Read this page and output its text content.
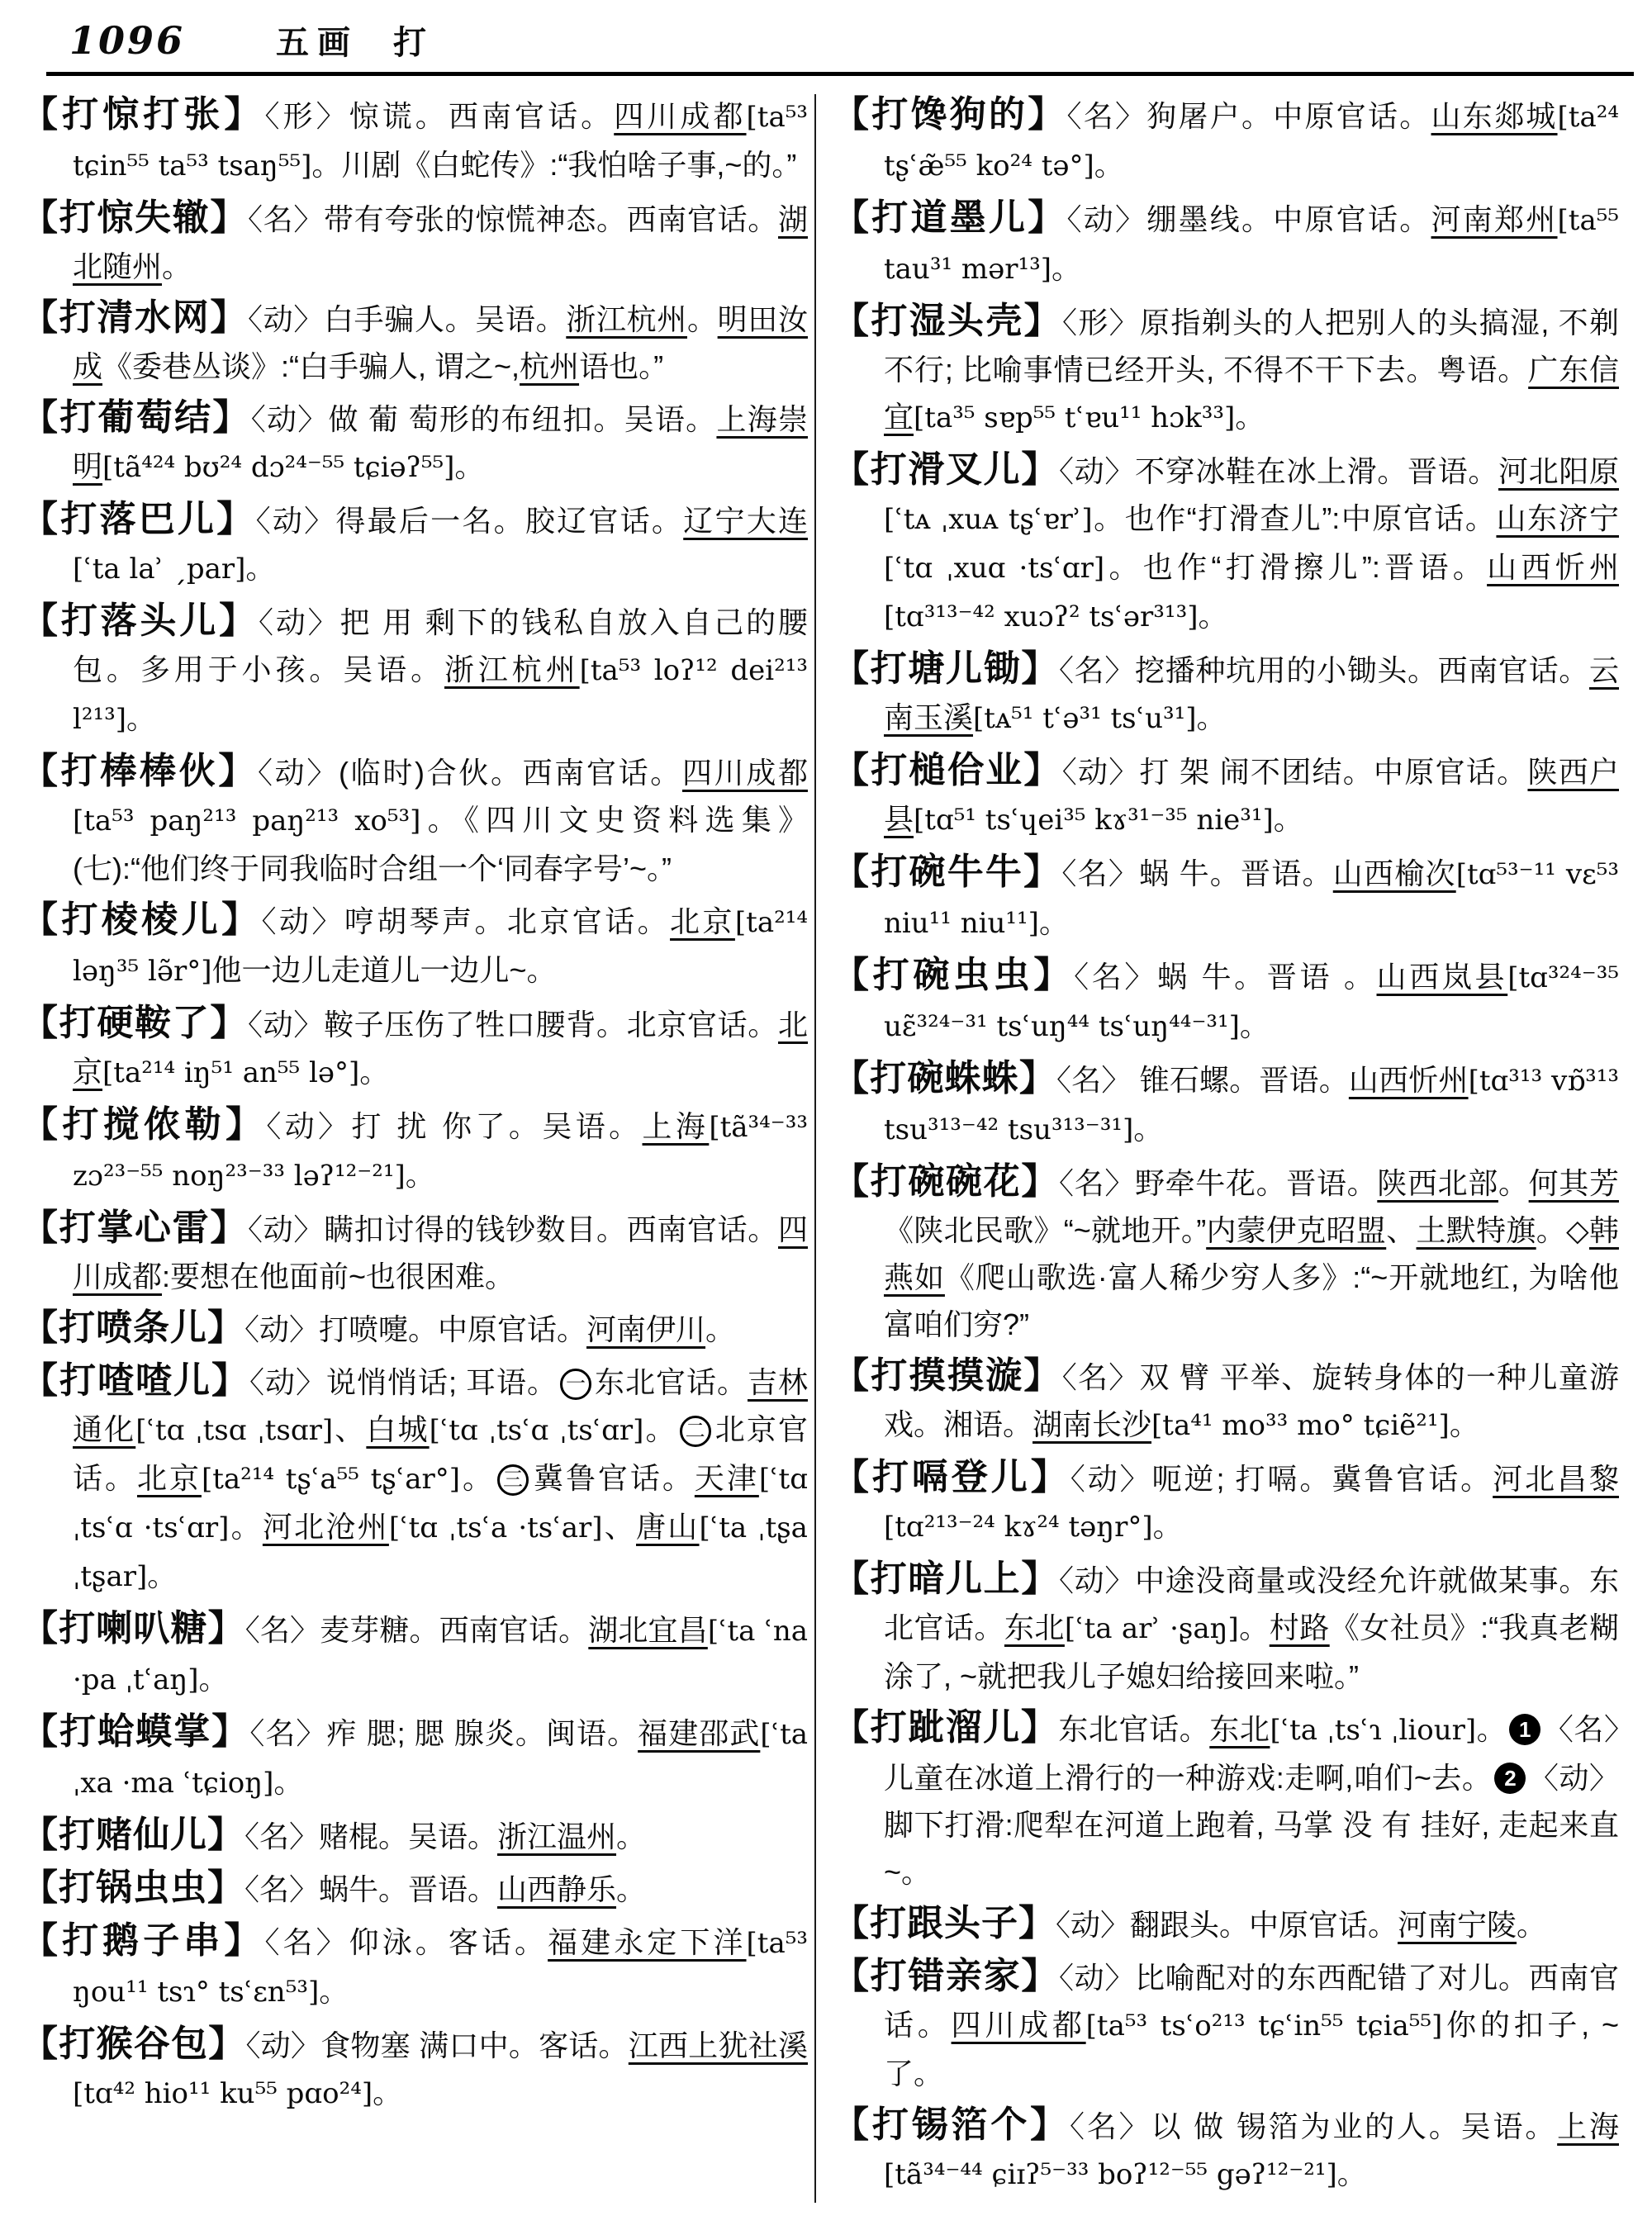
1096	五画 打

【打惊打张】〈形〉惊谎。西南官话。四川成都[ta⁵³ tɕin⁵⁵ ta⁵³ tsaŋ⁵⁵]。川剧《白蛇传》:“我怕啥子事,~的。”

【打惊失辙】〈名〉带有夸张的惊慌神态。西南官话。湖北随州。

【打清水网】〈动〉白手骗人。吴语。浙江杭州。明田汝成《委巷丛谈》:“白手骗人, 谓之~,杭州语也。”

【打葡萄结】〈动〉做 葡 萄形的布纽扣。吴语。上海崇明[tã⁴²⁴ bʊ²⁴ dɔ²⁴⁻⁵⁵ tɕiəʔ⁵⁵]。

【打落巴儿】〈动〉得最后一名。胶辽官话。辽宁大连[ʿta laʾ ˏpar]。

【打落头儿】〈动〉把 用 剩下的钱私自放入自己的腰包。多用于小孩。吴语。浙江杭州[ta⁵³ loʔ¹² dei²¹³ l²¹³]。

【打棒棒伙】〈动〉(临时)合伙。西南官话。四川成都[ta⁵³ paŋ²¹³ paŋ²¹³ xo⁵³]。《四川文史资料选集》(七):“他们终于同我临时合组一个‘同春字号’~。”

【打棱棱儿】〈动〉哼胡琴声。北京官话。北京[ta²¹⁴ ləŋ³⁵ lə̃r°]他一边儿走道儿一边儿~。

【打硬鞍了】〈动〉鞍子压伤了牲口腰背。北京官话。北京[ta²¹⁴ iŋ⁵¹ an⁵⁵ lə°]。

【打搅侬勒】〈动〉打 扰 你了。吴语。上海[tã³⁴⁻³³ zɔ²³⁻⁵⁵ noŋ²³⁻³³ ləʔ¹²⁻²¹]。

【打掌心雷】〈动〉瞒扣讨得的钱钞数目。西南官话。四川成都:要想在他面前~也很困难。

【打喷条儿】〈动〉打喷嚏。中原官话。河南伊川。

【打喳喳儿】〈动〉说悄悄话; 耳语。 一 东北官话。吉林通化[ʿtɑ ˌtsɑ ˌtsɑr]、白城[ʿtɑ ˌtsʿɑ ˌtsʿɑr]。 二 北京官话。北京[ta²¹⁴ tʂʿa⁵⁵ tʂʿar°]。 三 冀鲁官话。天津[ʿtɑ ˌtsʿɑ ·tsʿɑr]。河北沧州[ʿtɑ ˌtsʿa ·tsʿar]、唐山[ʿta ˌtʂa ˌtʂar]。

【打喇叭糖】〈名〉麦芽糖。西南官话。湖北宜昌[ʿta ʿna ·pa ˌtʿaŋ]。

【打蛤蟆掌】〈名〉痄 腮; 腮 腺炎。闽语。福建邵武[ʿta ˌxa ·ma ʿtɕioŋ]。

【打赌仙儿】〈名〉赌棍。吴语。浙江温州。

【打锅虫虫】〈名〉蜗牛。晋语。山西静乐。

【打鹅子串】〈名〉仰泳。客话。福建永定下洋[ta⁵³ ŋou¹¹ tsɿ° tsʿɛn⁵³]。

【打猴谷包】〈动〉食物塞 满口中。客话。江西上犹社溪[tɑ⁴² hio¹¹ ku⁵⁵ pɑo²⁴]。

【打馋狗的】〈名〉狗屠户。中原官话。山东郯城[ta²⁴ tʂʿæ̃⁵⁵ ko²⁴ tə°]。

【打道墨儿】〈动〉绷墨线。中原官话。河南郑州[ta⁵⁵ tau³¹ mər¹³]。

【打湿头壳】〈形〉原指剃头的人把别人的头搞湿, 不剃不行; 比喻事情已经开头, 不得不干下去。粤语。广东信宜[ta³⁵ sɐp⁵⁵ tʿɐu¹¹ hɔk³³]。

【打滑叉儿】〈动〉不穿冰鞋在冰上滑。晋语。河北阳原[ʿtᴀ ˌxuᴀ tʂʿɐrʾ]。也作“打滑查儿”:中原官话。山东济宁[ʿtɑ ˌxuɑ ·tsʿɑr]。也作“打滑擦儿”:晋语。山西忻州[tɑ³¹³⁻⁴² xuɔʔ² tsʿər³¹³]。

【打塘儿锄】〈名〉挖播种坑用的小锄头。西南官话。云南玉溪[tᴀ⁵¹ tʿə³¹ tsʿu³¹]。

【打槌佮业】〈动〉打 架 闹不团结。中原官话。陕西户县[tɑ⁵¹ tsʿɥei³⁵ kɤ³¹⁻³⁵ nie³¹]。

【打碗牛牛】〈名〉蜗 牛。晋语。山西榆次[tɑ⁵³⁻¹¹ vɛ⁵³ niu¹¹ niu¹¹]。

【打碗虫虫】〈名〉蜗 牛。晋语 。山西岚县[tɑ³²⁴⁻³⁵ uɛ̃³²⁴⁻³¹ tsʿuŋ⁴⁴ tsʿuŋ⁴⁴⁻³¹]。

【打碗蛛蛛】〈名〉 锥石螺。晋语。山西忻州[tɑ³¹³ vɒ̃³¹³ tsu³¹³⁻⁴² tsu³¹³⁻³¹]。

【打碗碗花】〈名〉野牵牛花。晋语。陕西北部。何其芳《陕北民歌》“~就地开。”内蒙伊克昭盟、土默特旗。◇韩燕如《爬山歌选·富人稀少穷人多》:“~开就地红, 为啥他富咱们穷?”

【打摸摸漩】〈名〉双 臂 平举、旋转身体的一种儿童游戏。湘语。湖南长沙[ta⁴¹ mo³³ mo° tɕiẽ²¹]。

【打嗝登儿】〈动〉呃逆; 打嗝。冀鲁官话。河北昌黎[tɑ²¹³⁻²⁴ kɤ²⁴ təŋr°]。

【打暗儿上】〈动〉中途没商量或没经允许就做某事。东北官话。东北[ʿta arʾ ·ʂaŋ]。村路《女社员》:“我真老糊涂了, ~就把我儿子媳妇给接回来啦。”

【打跐溜儿】东北官话。东北[ʿta ˌtsʿɿ ˌliour]。 1 〈名〉儿童在冰道上滑行的一种游戏:走啊,咱们~去。 2 〈动〉脚下打滑:爬犁在河道上跑着, 马掌 没 有 挂好, 走起来直~。

【打跟头子】〈动〉翻跟头。中原官话。河南宁陵。

【打错亲家】〈动〉比喻配对的东西配错了对儿。西南官话。四川成都[ta⁵³ tsʿo²¹³ tɕʿin⁵⁵ tɕia⁵⁵]你的扣子, ~了。

【打锡箔个】〈名〉以 做 锡箔为业的人。吴语。上海[tã³⁴⁻⁴⁴ ɕiɪʔ⁵⁻³³ boʔ¹²⁻⁵⁵ gəʔ¹²⁻²¹]。
